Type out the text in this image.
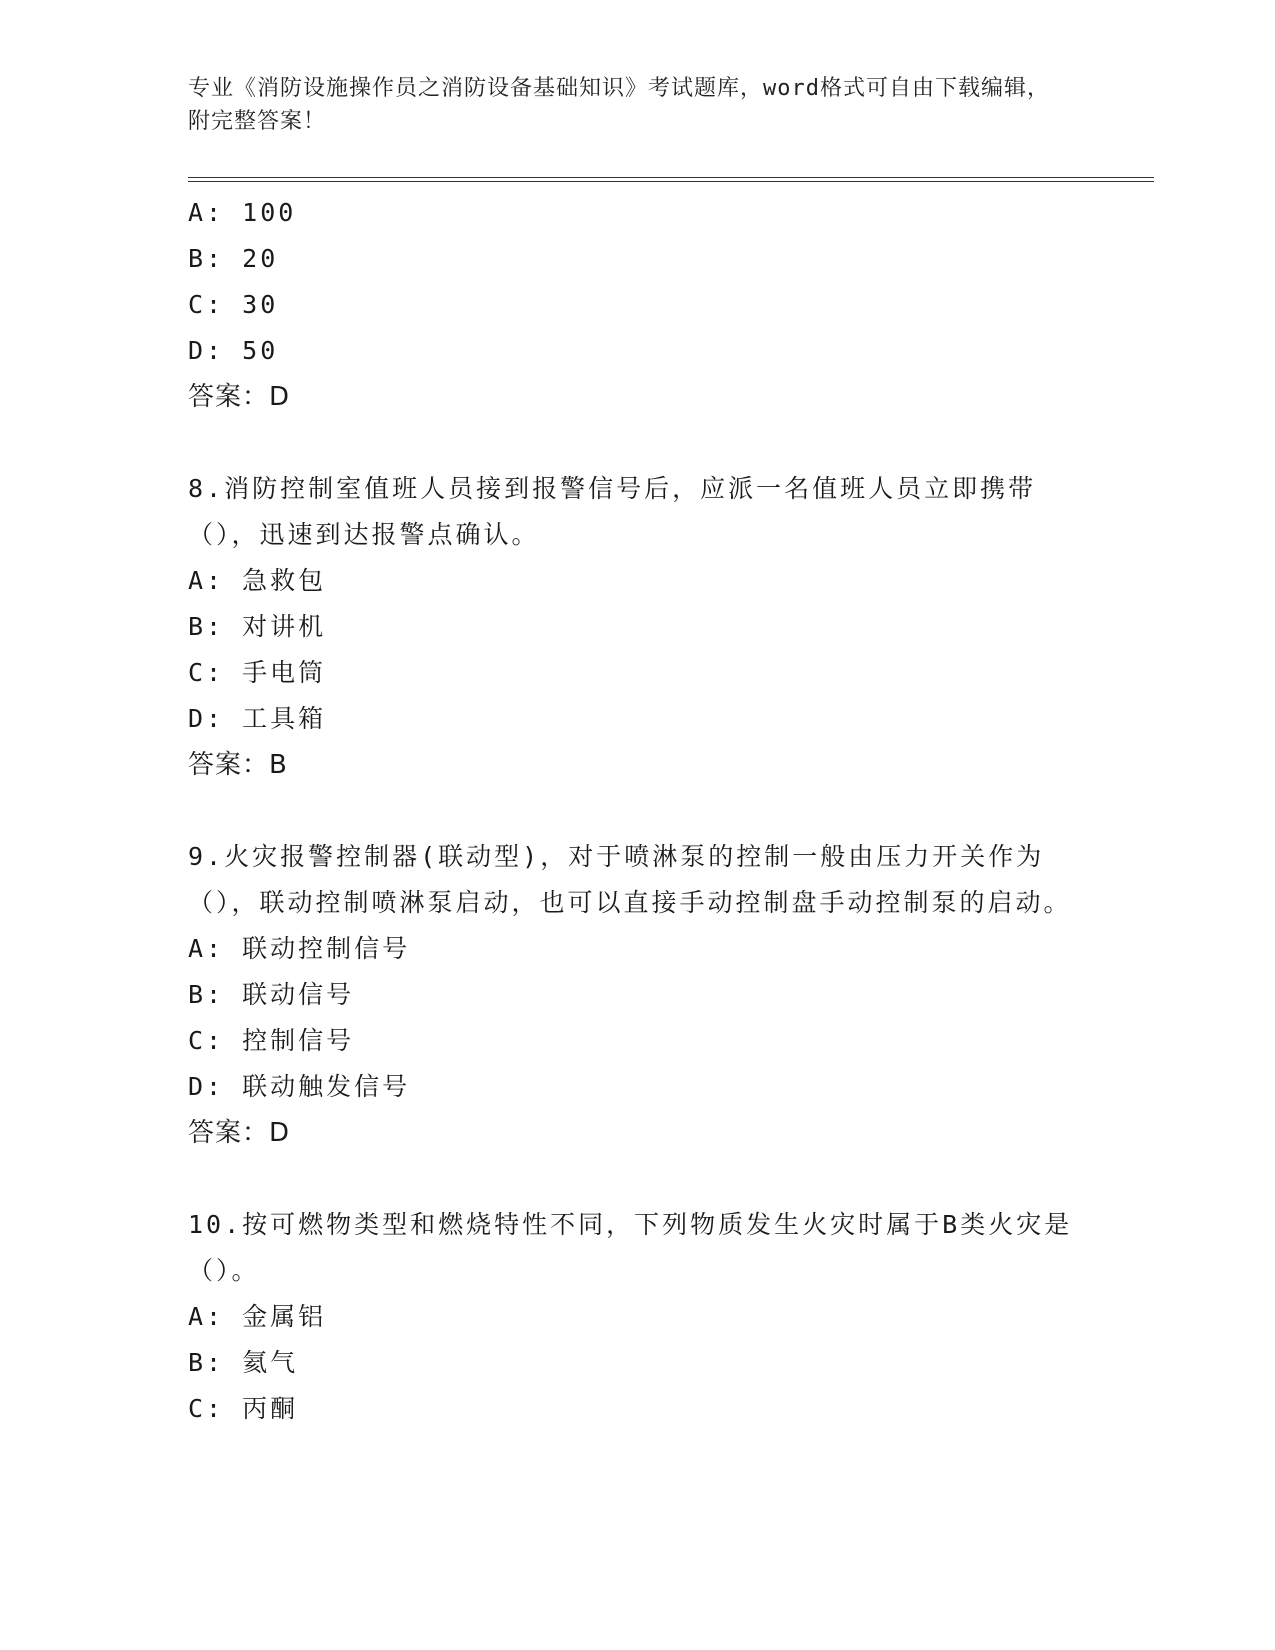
专业《消防设施操作员之消防设备基础知识》考试题库，word格式可自由下载编辑，附完整答案！
A: 100
B: 20
C: 30
D: 50
答案：D
8.消防控制室值班人员接到报警信号后，应派一名值班人员立即携带（），迅速到达报警点确认。
A: 急救包
B: 对讲机
C: 手电筒
D: 工具箱
答案：B
9.火灾报警控制器(联动型)，对于喷淋泵的控制一般由压力开关作为（），联动控制喷淋泵启动，也可以直接手动控制盘手动控制泵的启动。
A: 联动控制信号
B: 联动信号
C: 控制信号
D: 联动触发信号
答案：D
10.按可燃物类型和燃烧特性不同，下列物质发生火灾时属于B类火灾是（）。
A: 金属铝
B: 氦气
C: 丙酮
